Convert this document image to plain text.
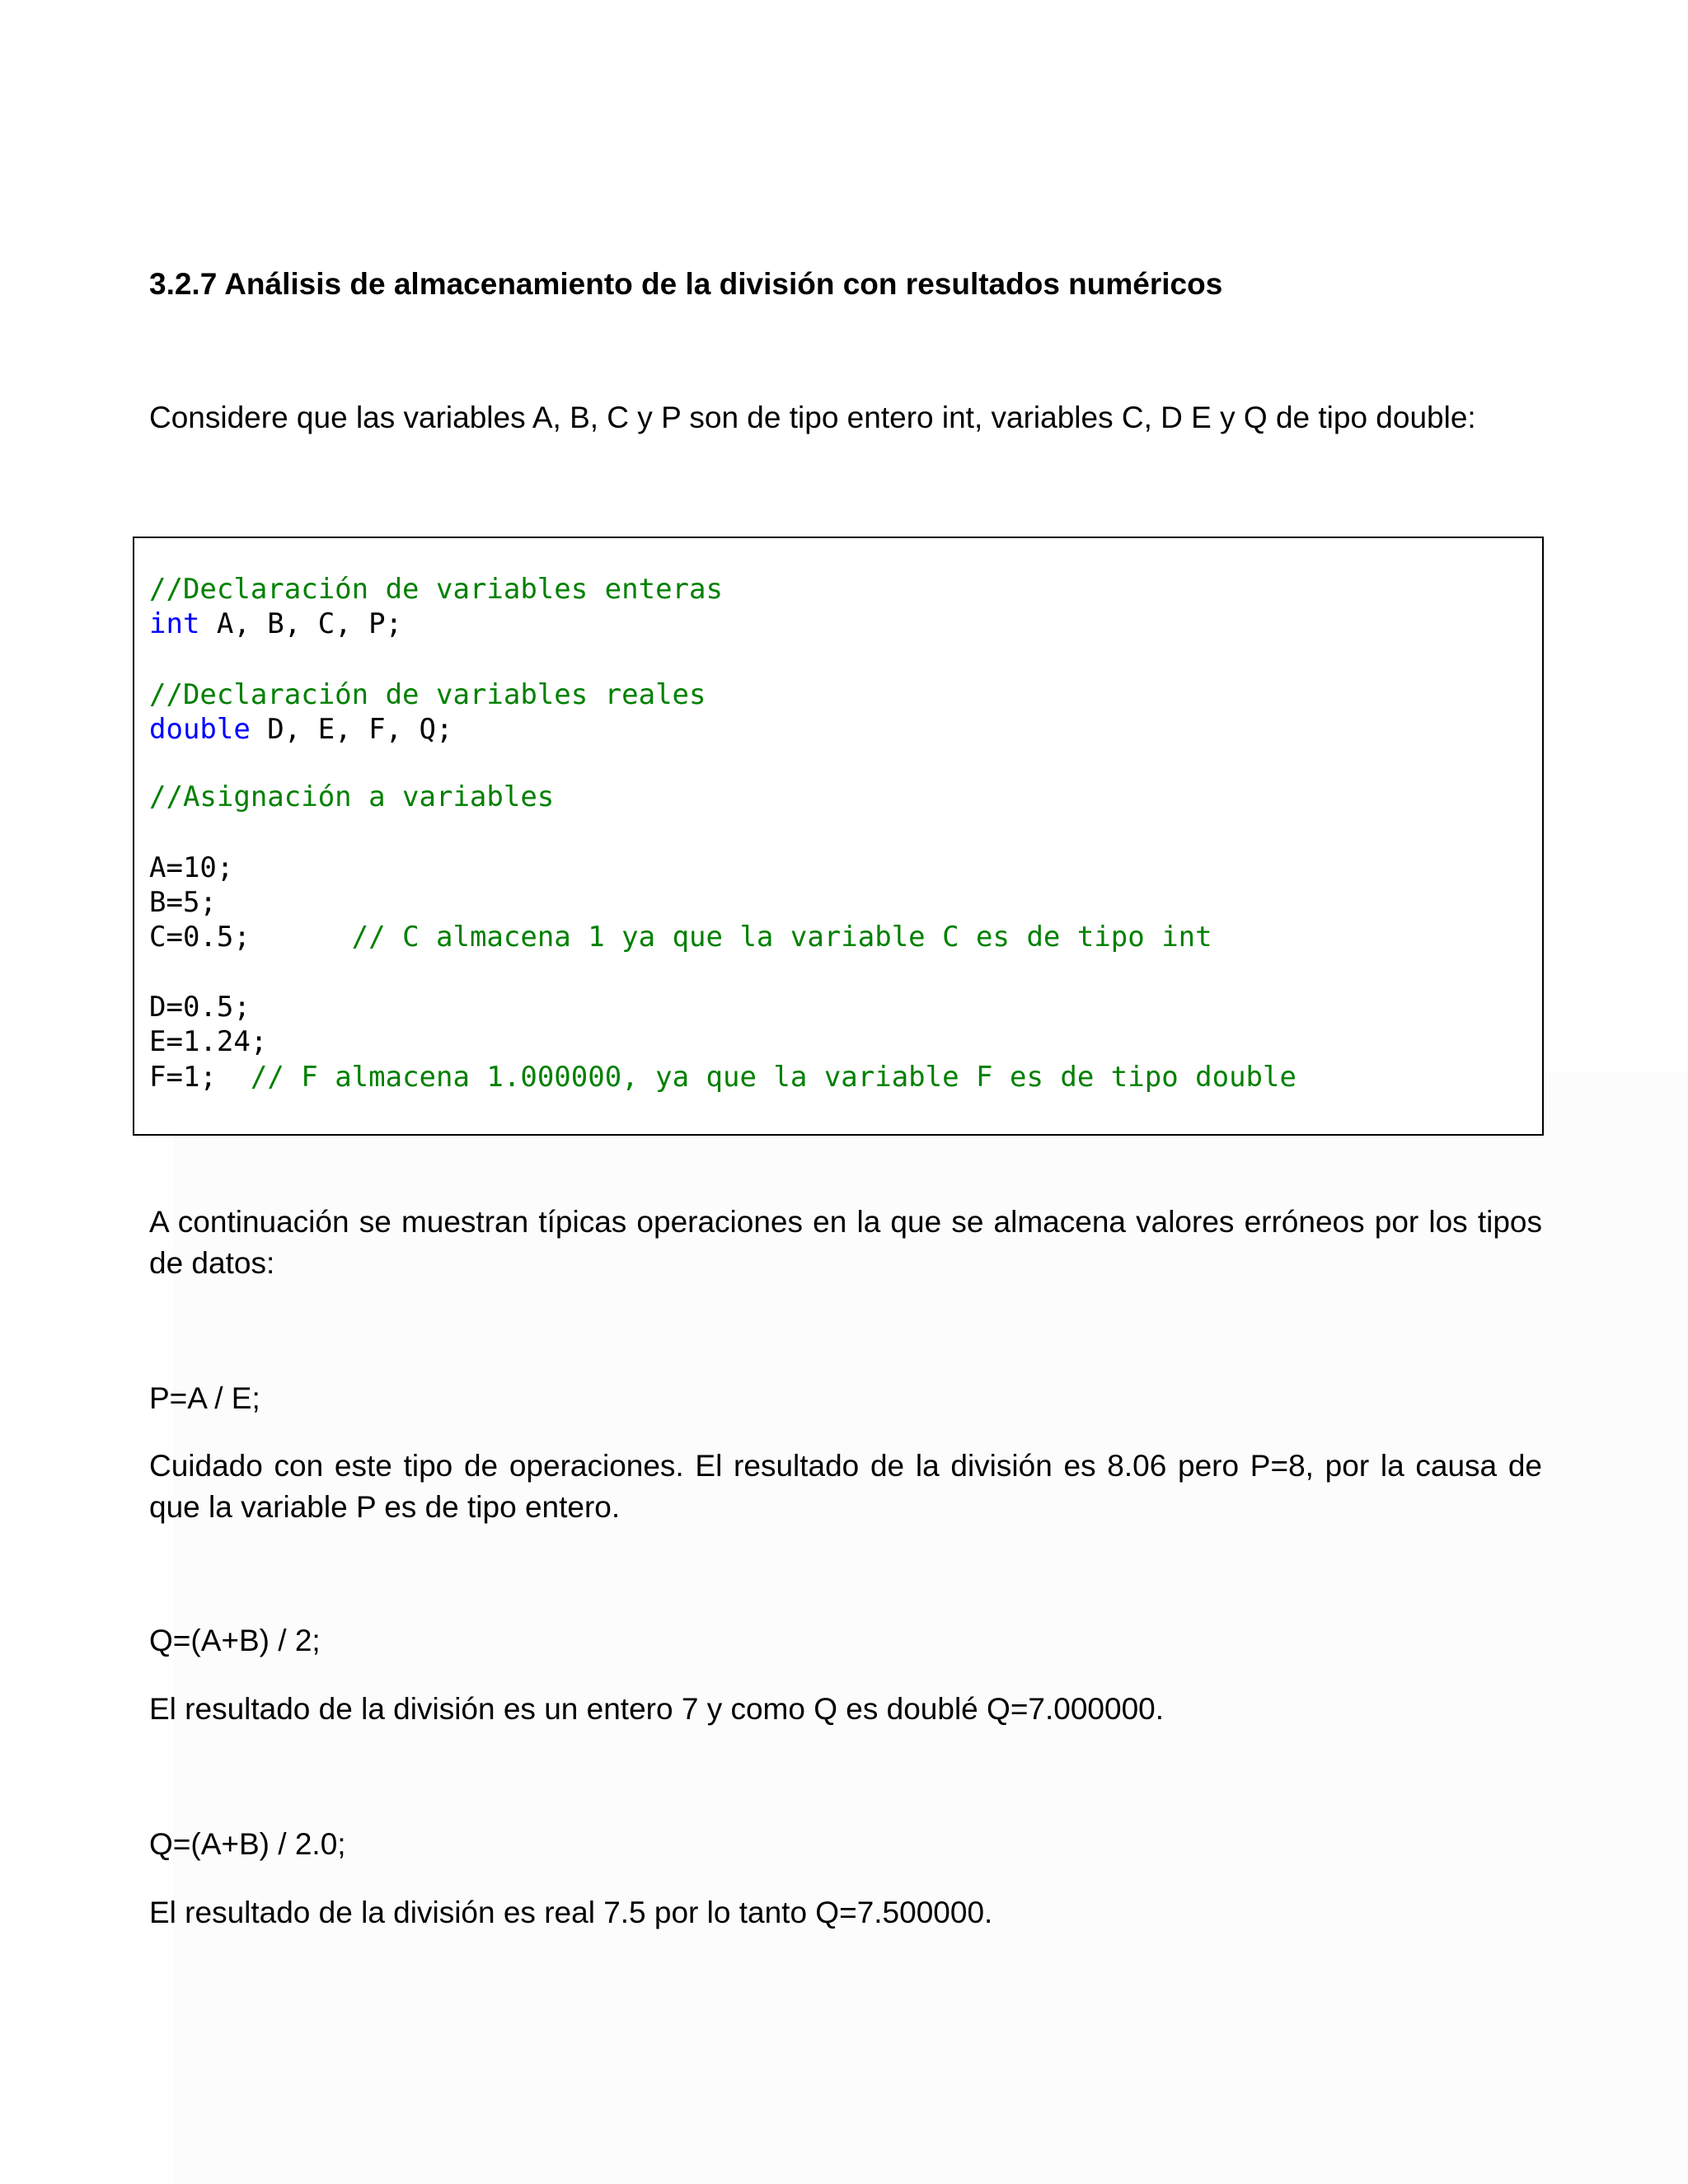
3.2.7 Análisis de almacenamiento de la división con resultados numéricos
Considere que las variables A, B, C y P son de tipo entero int, variables C, D E y Q de tipo double:
//Declaración de variables enteras
int A, B, C, P;
//Declaración de variables reales
double D, E, F, Q;
//Asignación a variables
A=10;
B=5;
C=0.5;	// C almacena 1 ya que la variable C es de tipo int
D=0.5;
E=1.24;
F=1; // F almacena 1.000000, ya que la variable F es de tipo double
A continuación se muestran típicas operaciones en la que se almacena valores erróneos por los tipos de datos:
P=A / E;
Cuidado con este tipo de operaciones. El resultado de la división es 8.06 pero P=8, por la causa de que la variable P es de tipo entero.
Q=(A+B) / 2;
El resultado de la división es un entero 7 y como Q es doublé Q=7.000000.
Q=(A+B) / 2.0;
El resultado de la división es real 7.5 por lo tanto Q=7.500000.
